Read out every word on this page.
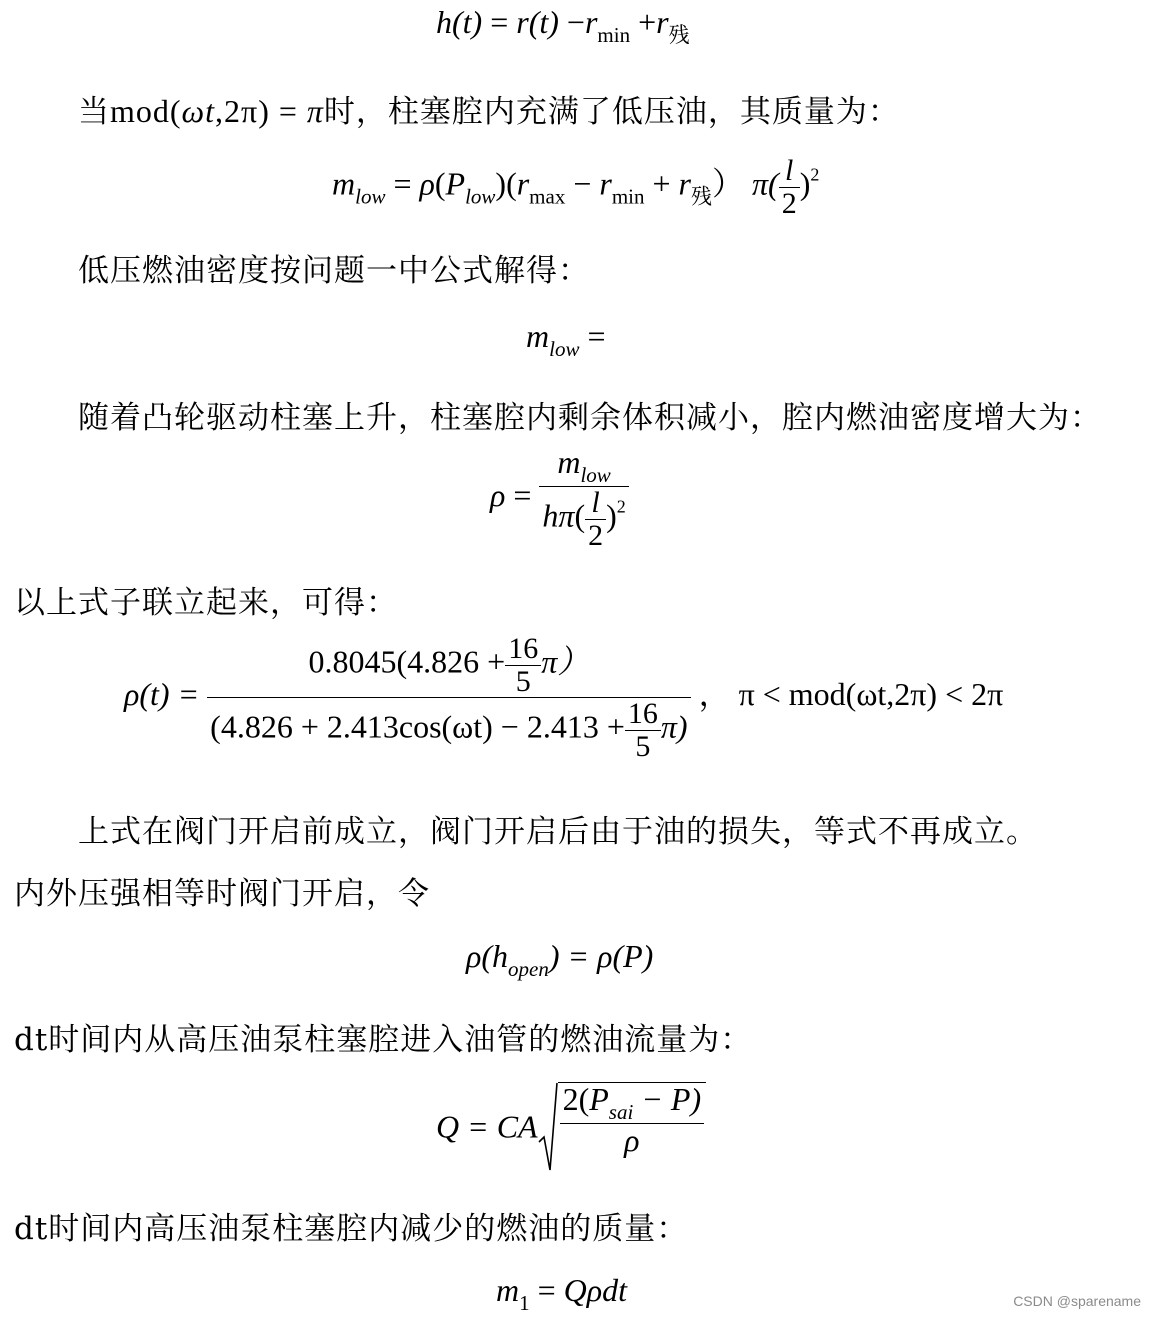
$h(t) = r(t) -r_{min} +r_残$
当mod(ωt,2π) = π时，柱塞腔内充满了低压油，其质量为：
$m_{low} = \rho(P_{low})(r_{max} - r_{min} + r_残)$ $\pi( \frac{l}{2} )^2$
低压燃油密度按问题一中公式解得：
$m_{low}$ =
随着凸轮驱动柱塞上升，柱塞腔内剩余体积减小，腔内燃油密度增大为：
$\rho = \frac{m_{low}}{h\pi( \frac{l}{2} )^2}$
以上式子联立起来，可得：
$\rho(t) = \frac{0.8045(4.826 + \frac{16}{5} \pi)}{(4.826 + 2.413\cos(\omega t) - 2.413 + \frac{16}{5} \pi)}$ ， π < mod(ωt,2π) < 2π
上式在阀门开启前成立，阀门开启后由于油的损失，等式不再成立。
内外压强相等时阀门开启，令
$\rho(h_{open}) = \rho(P)$
dt时间内从高压油泵柱塞腔进入油管的燃油流量为：
Q = CA $\frac{2(P_{sai} - P)}{\rho}$
dt时间内高压油泵柱塞腔内减少的燃油的质量：
$m_1 = Q\rho dt$	CSDN @sparename
